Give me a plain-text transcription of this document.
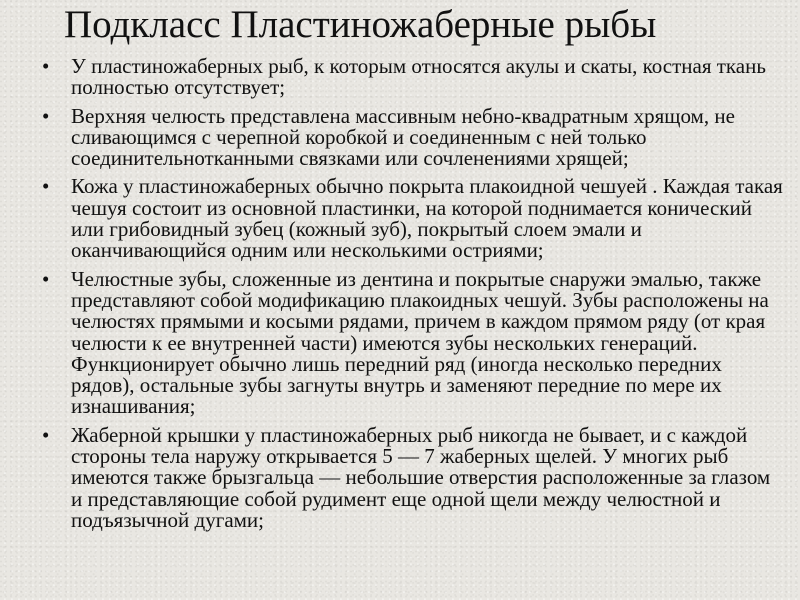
Подкласс Пластиножаберные рыбы
• У пластиножаберных рыб, к которым относятся акулы и скаты, костная ткань полностью отсутствует;
• Верхняя челюсть представлена массивным небно-квадратным хрящом, не сливающимся с черепной коробкой и соединенным с ней только соединительнотканными связками или сочленениями хрящей;
• Кожа у пластиножаберных обычно покрыта плакоидной чешуей . Каждая такая чешуя состоит из основной пластинки, на которой поднимается конический или грибовидный зубец (кожный зуб), покрытый слоем эмали и оканчивающийся одним или несколькими остриями;
• Челюстные зубы, сложенные из дентина и покрытые снаружи эмалью, также представляют собой модификацию плакоидных чешуй. Зубы расположены на челюстях прямыми и косыми рядами, причем в каждом прямом ряду (от края челюсти к ее внутренней части) имеются зубы нескольких генераций. Функционирует обычно лишь передний ряд (иногда несколько передних рядов), остальные зубы загнуты внутрь и заменяют передние по мере их изнашивания;
• Жаберной крышки у пластиножаберных рыб никогда не бывает, и с каждой стороны тела наружу открывается 5 — 7 жаберных щелей. У многих рыб имеются также брызгальца — небольшие отверстия расположенные за глазом и представляющие собой рудимент еще одной щели между челюстной и подъязычной дугами;
